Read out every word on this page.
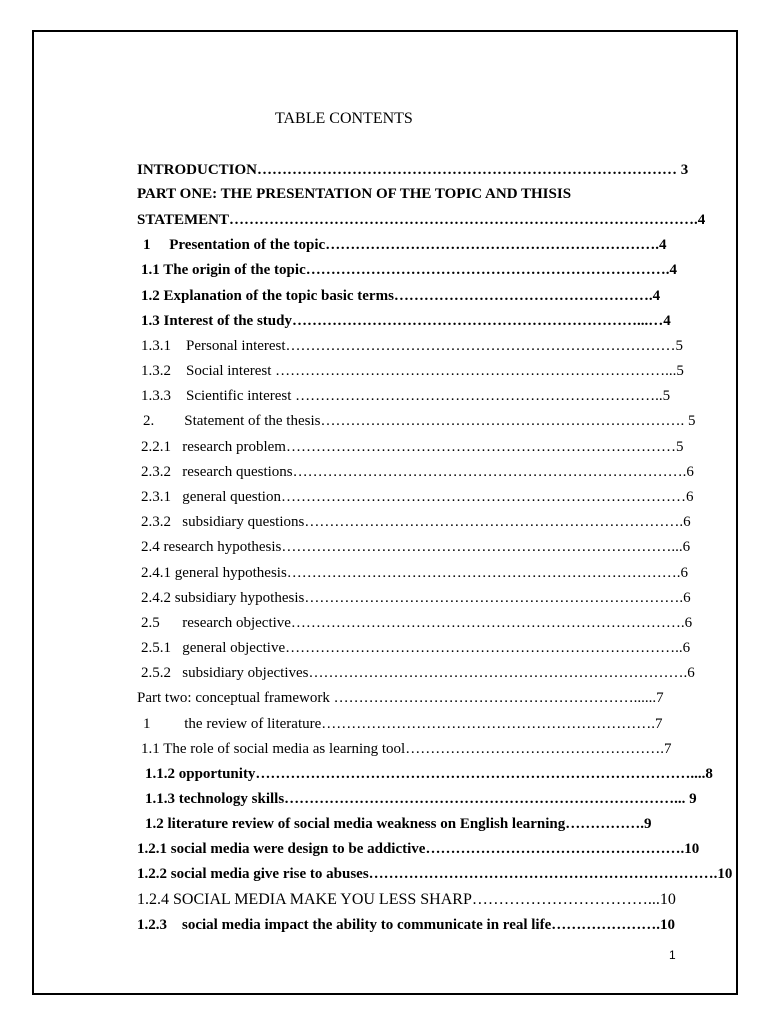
TABLE CONTENTS
INTRODUCTION………………………………………………………………………… 3
PART ONE: THE PRESENTATION OF THE TOPIC AND THISIS
STATEMENT………………………………………………………………………………….4
1     Presentation of the topic………………………………………………………….4
1.1 The origin of the topic……………………………………………………………….4
1.2 Explanation of the topic basic terms…………………………………………….4
1.3 Interest of the study……………………………………………………………...…4
1.3.1    Personal interest……………………………………………………………………5
1.3.2    Social interest ……………………………………………………………………...5
1.3.3    Scientific interest ………………………………………………………………..5
2.        Statement of the thesis………………………………………………………………. 5
2.2.1   research problem……………………………………………………………………5
2.3.2   research questions…………………………………………………………………….6
2.3.1   general question………………………………………………………………………6
2.3.2   subsidiary questions………………………………………………………………….6
2.4 research hypothesis……………………………………………………………………...6
2.4.1 general hypothesis…………………………………………………………………….6
2.4.2 subsidiary hypothesis………………………………………………………………….6
2.5      research objective…………………………………………………………………….6
2.5.1   general objective……………………………………………………………………..6
2.5.2   subsidiary objectives………………………………………………………………….6
Part two: conceptual framework ……………………………………………………......7
1         the review of literature………………………………………………………….7
1.1 The role of social media as learning tool…………………………………………….7
1.1.2 opportunity……………………………………………………………………………....8
1.1.3 technology skills……………………………………………………………………... 9
1.2 literature review of social media weakness on English learning…………….9
1.2.1 social media were design to be addictive…………………………………………….10
1.2.2 social media give rise to abuses…………………………………………………………….10
1.2.4 SOCIAL MEDIA MAKE YOU LESS SHARP……………………………...10
1.2.3    social media impact the ability to communicate in real life………………….10
1
